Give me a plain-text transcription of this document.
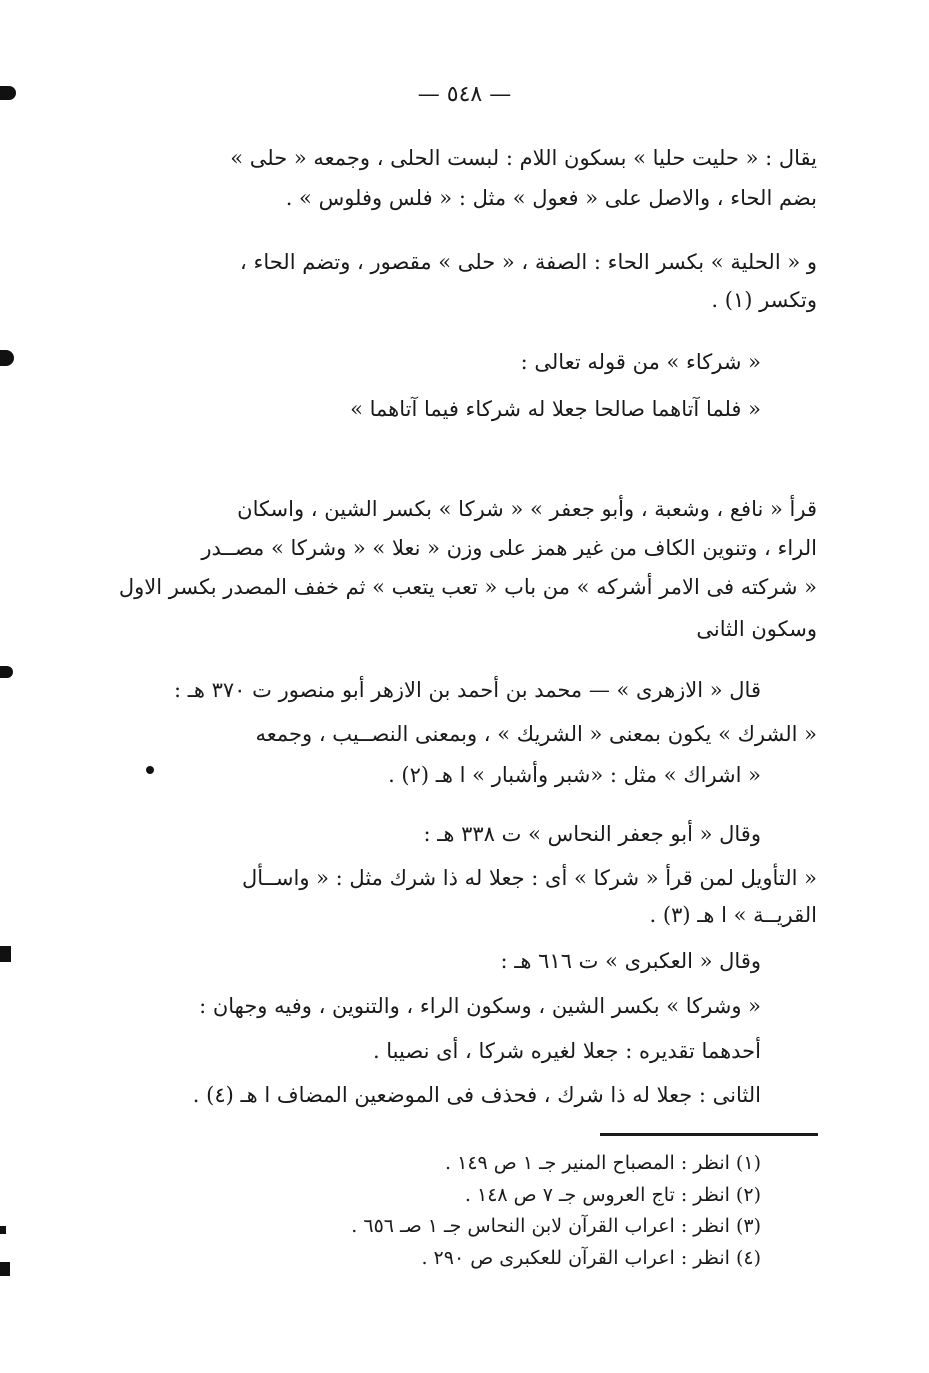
— ٥٤٨ —
يقال : « حليت حليا » بسكون اللام : لبست الحلى ، وجمعه « حلى »
بضم الحاء ، والاصل على « فعول » مثل : « فلس وفلوس » .
و « الحلية » بكسر الحاء : الصفة ، « حلى » مقصور ، وتضم الحاء ،
وتكسر (١) .
« شركاء » من قوله تعالى :
« فلما آتاهما صالحا جعلا له شركاء فيما آتاهما »
قرأ « نافع ، وشعبة ، وأبو جعفر » « شركا » بكسر الشين ، واسكان
الراء ، وتنوين الكاف من غير همز على وزن « نعلا » « وشركا » مصــدر
« شركته فى الامر أشركه » من باب « تعب يتعب » ثم خفف المصدر بكسر الاول
وسكون الثانى
قال « الازهرى » — محمد بن أحمد بن الازهر أبو منصور ت ٣٧٠ هـ :
« الشرك » يكون بمعنى « الشريك » ، وبمعنى النصــيب ، وجمعه
« اشراك » مثل : «شبر وأشبار » ا هـ (٢) .
وقال « أبو جعفر النحاس » ت ٣٣٨ هـ :
« التأويل لمن قرأ « شركا » أى : جعلا له ذا شرك مثل : « واســأل
القريــة » ا هـ (٣) .
وقال « العكبرى » ت ٦١٦ هـ :
« وشركا » بكسر الشين ، وسكون الراء ، والتنوين ، وفيه وجهان :
أحدهما تقديره : جعلا لغيره شركا ، أى نصيبا .
الثانى : جعلا له ذا شرك ، فحذف فى الموضعين المضاف ا هـ (٤) .
(١) انظر : المصباح المنير جـ ١ ص ١٤٩ .
(٢) انظر : تاج العروس جـ ٧ ص ١٤٨ .
(٣) انظر : اعراب القرآن لابن النحاس جـ ١ صـ ٦٥٦ .
(٤) انظر : اعراب القرآن للعكبرى ص ٢٩٠ .
